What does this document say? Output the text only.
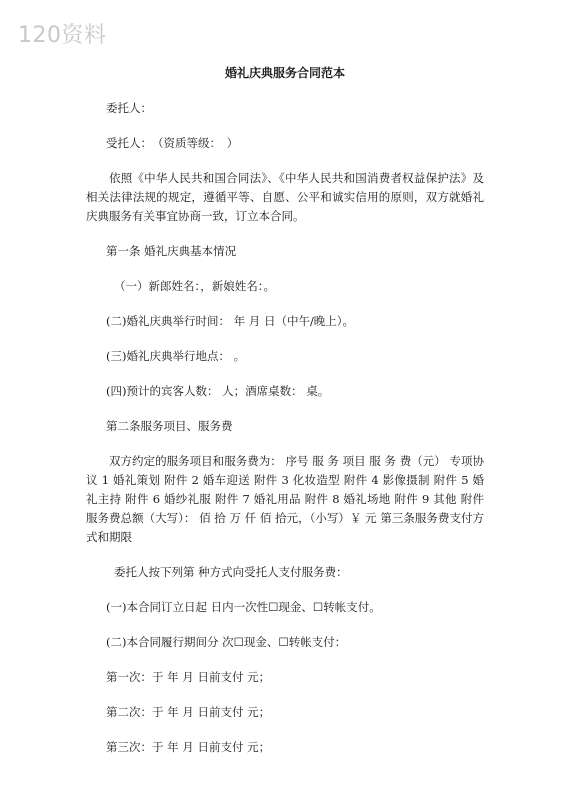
120资料
婚礼庆典服务合同范本

委托人：

受托人：　（资质等级：　）

依照《中华人民共和国合同法》、《中华人民共和国消费者权益保护法》及相关法律法规的规定，遵循平等、自愿、公平和诚实信用的原则，双方就婚礼庆典服务有关事宜协商一致，订立本合同。

第一条 婚礼庆典基本情况

（一）新郎姓名：，新娘姓名：。

(二)婚礼庆典举行时间： 年 月 日（中午/晚上）。

(三)婚礼庆典举行地点： 。

(四)预计的宾客人数： 人；酒席桌数： 桌。

第二条服务项目、服务费

双方约定的服务项目和服务费为： 序号 服 务 项目 服 务 费（元） 专项协议 1 婚礼策划 附件 2 婚车迎送 附件 3 化妆造型 附件 4 影像摄制 附件 5 婚礼主持 附件 6 婚纱礼服 附件 7 婚礼用品 附件 8 婚礼场地 附件 9 其他 附件 服务费总额（大写）： 佰 拾 万 仟 佰 拾元，（小写）￥ 元 第三条服务费支付方式和期限

委托人按下列第 种方式向受托人支付服务费：

(一)本合同订立日起 日内一次性☐现金、☐转帐支付。

(二)本合同履行期间分 次☐现金、☐转帐支付：

第一次：于 年 月 日前支付 元；

第二次：于 年 月 日前支付 元；

第三次：于 年 月 日前支付 元；
